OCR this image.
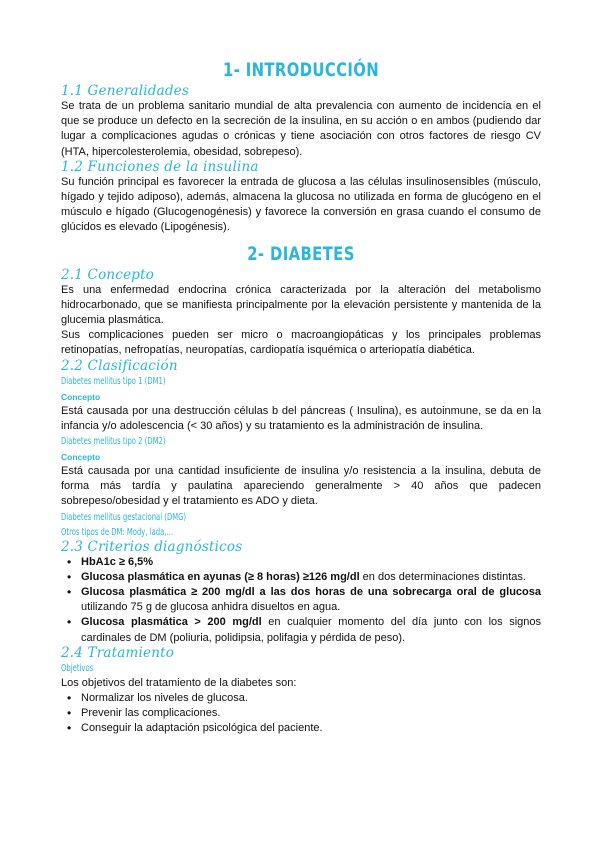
1- INTRODUCCIÓN
1.1 Generalidades

Se trata de un problema sanitario mundial de alta prevalencia con aumento de incidencia en el que se produce un defecto en la secreción de la insulina, en su acción o en ambos (pudiendo dar lugar a complicaciones agudas o crónicas y tiene asociación con otros factores de riesgo CV (HTA, hipercolesterolemia, obesidad, sobrepeso).

1.2 Funciones de la insulina

Su función principal es favorecer la entrada de glucosa a las células insulinosensibles (músculo, hígado y tejido adiposo), además, almacena la glucosa no utilizada en forma de glucógeno en el músculo e hígado (Glucogenogénesis) y favorece la conversión en grasa cuando el consumo de glúcidos es elevado (Lipogénesis).

2- DIABETES
2.1 Concepto

Es una enfermedad endocrina crónica caracterizada por la alteración del metabolismo hidrocarbonado, que se manifiesta principalmente por la elevación persistente y mantenida de la glucemia plasmática.

Sus complicaciones pueden ser micro o macroangiopáticas y los principales problemas retinopatías, nefropatías, neuropatías, cardiopatía isquémica o arteriopatía diabética.

2.2 Clasificación
Diabetes mellitus tipo 1 (DM1)
Concepto

Está causada por una destrucción células b del páncreas ( Insulina), es autoinmune, se da en la infancia y/o adolescencia (< 30 años) y su tratamiento es la administración de insulina.

Diabetes mellitus tipo 2 (DM2)
Concepto

Está causada por una cantidad insuficiente de insulina y/o resistencia a la insulina, debuta de forma más tardía y paulatina apareciendo generalmente > 40 años que padecen sobrepeso/obesidad y el tratamiento es ADO y dieta.

Diabetes mellitus gestacional (DMG)
Otros tipos de DM: Mody, lada,...
2.3 Criterios diagnósticos
• HbA1c ≥ 6,5%
• Glucosa plasmática en ayunas (≥ 8 horas) ≥126 mg/dl en dos determinaciones distintas.
• Glucosa plasmática ≥ 200 mg/dl a las dos horas de una sobrecarga oral de glucosa utilizando 75 g de glucosa anhidra disueltos en agua.
• Glucosa plasmática > 200 mg/dl en cualquier momento del día junto con los signos cardinales de DM (poliuria, polidipsia, polifagia y pérdida de peso).
2.4 Tratamiento
Objetivos

Los objetivos del tratamiento de la diabetes son:

• Normalizar los niveles de glucosa.
• Prevenir las complicaciones.
• Conseguir la adaptación psicológica del paciente.
